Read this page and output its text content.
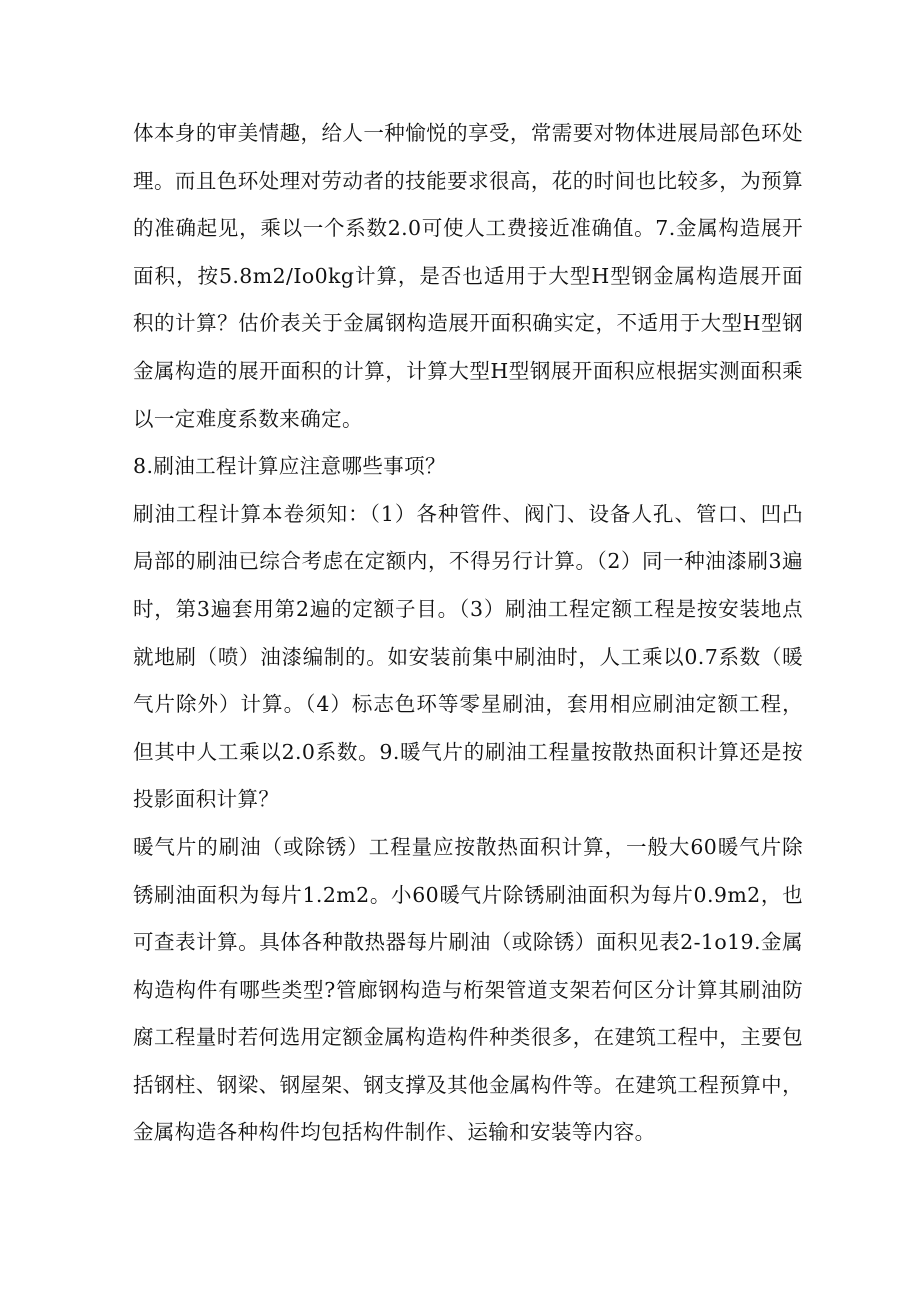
体本身的审美情趣，给人一种愉悦的享受，常需要对物体进展局部色环处理。而且色环处理对劳动者的技能要求很高，花的时间也比较多，为预算的准确起见，乘以一个系数2.0可使人工费接近准确值。7.金属构造展开面积，按5.8m2/Io0kg计算，是否也适用于大型H型钢金属构造展开面积的计算？估价表关于金属钢构造展开面积确实定，不适用于大型H型钢金属构造的展开面积的计算，计算大型H型钢展开面积应根据实测面积乘以一定难度系数来确定。

8.刷油工程计算应注意哪些事项？

刷油工程计算本卷须知：（1）各种管件、阀门、设备人孔、管口、凹凸局部的刷油已综合考虑在定额内，不得另行计算。（2）同一种油漆刷3遍时，第3遍套用第2遍的定额子目。（3）刷油工程定额工程是按安装地点就地刷（喷）油漆编制的。如安装前集中刷油时，人工乘以0.7系数（暖气片除外）计算。（4）标志色环等零星刷油，套用相应刷油定额工程，但其中人工乘以2.0系数。9.暖气片的刷油工程量按散热面积计算还是按投影面积计算？

暖气片的刷油（或除锈）工程量应按散热面积计算，一般大60暖气片除锈刷油面积为每片1.2m2。小60暖气片除锈刷油面积为每片0.9m2，也可查表计算。具体各种散热器每片刷油（或除锈）面积见表2-1o19.金属构造构件有哪些类型?管廊钢构造与桁架管道支架若何区分计算其刷油防腐工程量时若何选用定额金属构造构件种类很多，在建筑工程中，主要包括钢柱、钢梁、钢屋架、钢支撑及其他金属构件等。在建筑工程预算中，金属构造各种构件均包括构件制作、运输和安装等内容。
